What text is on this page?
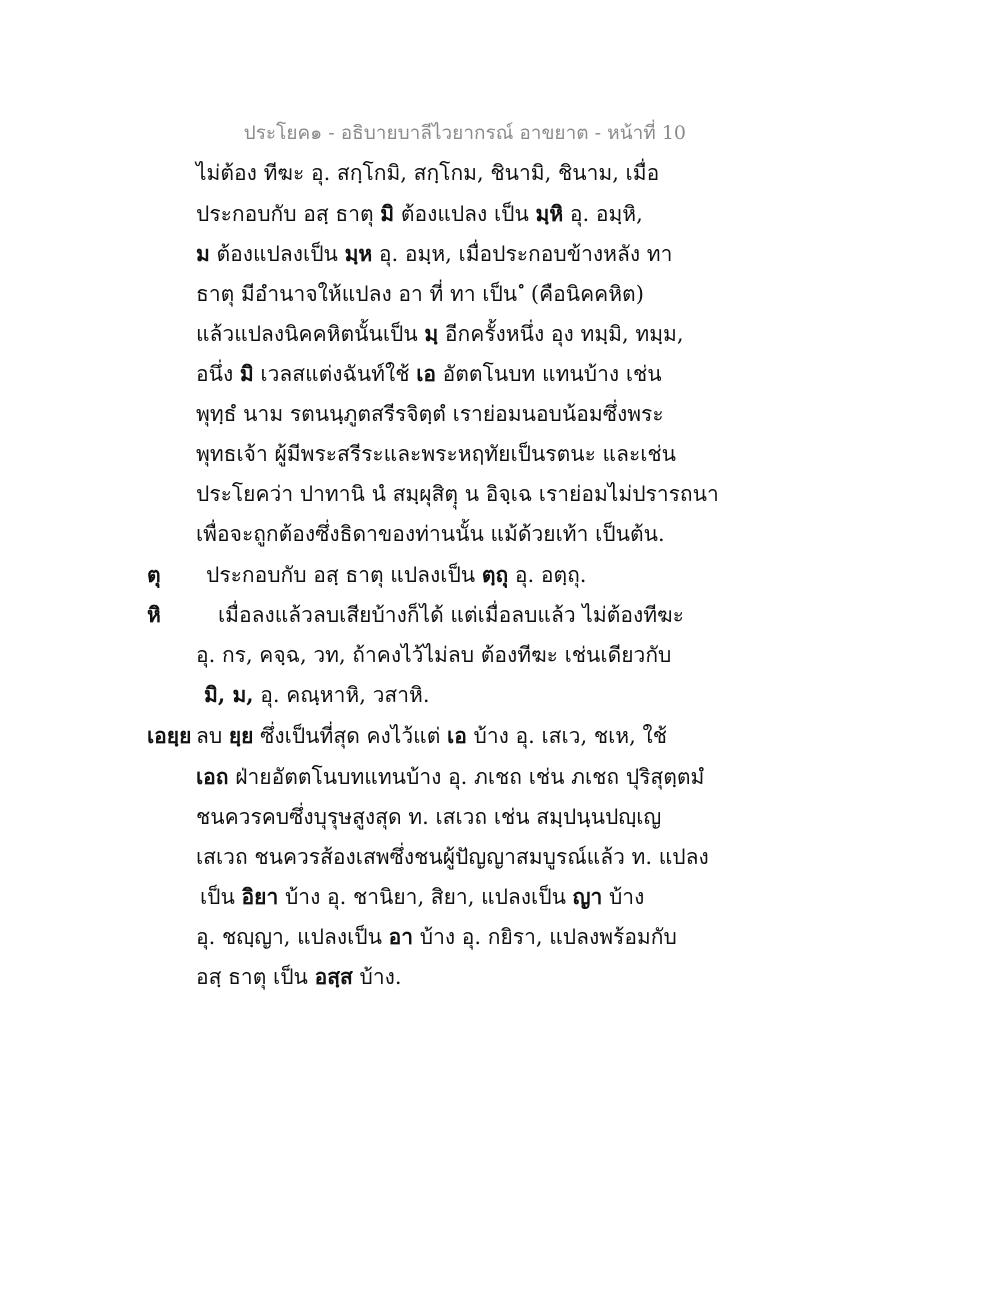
ประโยค๑ - อธิบายบาลีไวยากรณ์ อาขยาต - หน้าที่ 10
ไม่ต้อง ทีฆะ อุ. สกฺโกมิ, สกฺโกม, ชินามิ, ชินาม, เมื่อ
ประกอบกับ อสฺ ธาตุ มิ ต้องแปลง เป็น มฺหิ อุ. อมฺหิ,
ม ต้องแปลงเป็น มฺห อุ. อมฺห, เมื่อประกอบข้างหลัง ทา
ธาตุ มีอำนาจให้แปลง อา ที่ ทา เป็น ํ (คือนิคคหิต)
แล้วแปลงนิคคหิตนั้นเป็น มฺ อีกครั้งหนึ่ง อุง ทมฺมิ, ทมฺม,
อนึ่ง มิ เวลสแต่งฉันท์ใช้ เอ อัตตโนบท แทนบ้าง เช่น
พุทฺธํ นาม รตนนฺภูตสรีรจิตฺตํ เราย่อมนอบน้อมซึ่งพระ
พุทธเจ้า ผู้มีพระสรีระและพระหฤทัยเป็นรตนะ และเช่น
ประโยคว่า ปาทานิ นํ สมฺผุสิตฺุ น อิจฺเฉ เราย่อมไม่ปรารถนา
เพื่อจะถูกต้องซึ่งธิดาของท่านนั้น แม้ด้วยเท้า เป็นต้น.
ตุ ประกอบกับ อสฺ ธาตุ แปลงเป็น ตฺถุ อุ. อตฺถุ.
หิ	เมื่อลงแล้วลบเสียบ้างก็ได้ แต่เมื่อลบแล้ว ไม่ต้องทีฆะ
อุ. กร, คจฺฉ, วท, ถ้าคงไว้ไม่ลบ ต้องทีฆะ เช่นเดียวกับ
มิ, ม, อุ. คณฺหาหิ, วสาหิ.
เอยฺย ลบ ยฺย ซึ่งเป็นที่สุด คงไว้แต่ เอ บ้าง อุ. เสเว, ชเห, ใช้
เอถ ฝ่ายอัตตโนบทแทนบ้าง อุ. ภเชถ เช่น ภเชถ ปุริสุตฺตมํ
ชนควรคบซึ่งบุรุษสูงสุด ท. เสเวถ เช่น สมฺปนฺนปญฺเญ
เสเวถ ชนควรส้องเสพซึ่งชนผู้ปัญญาสมบูรณ์แล้ว ท. แปลง
เป็น อิยา บ้าง อุ. ชานิยา, สิยา, แปลงเป็น ญา บ้าง
อุ. ชญฺญา, แปลงเป็น อา บ้าง อุ. กยิรา, แปลงพร้อมกับ
อสฺ ธาตุ เป็น อสฺส บ้าง.
